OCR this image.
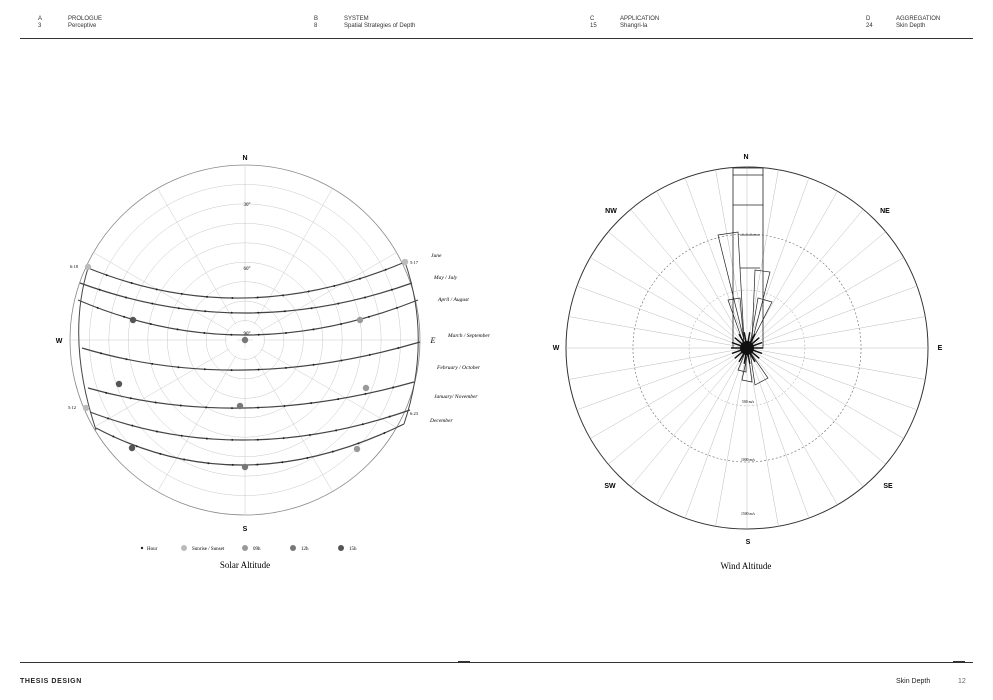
A
3
PROLOGUE
Perceptive
B
8
SYSTEM
Spatial Strategies of Depth
C
15
APPLICATION
Shangri-la
D
24
AGGREGATION
Skin Depth
N
S
W	E
30°
60°
90°
June
May / July
April / August
March / September
February / October
January/ November
December
6:18
5:17
5:12
6:23
Hour	Sunrise / Sunset	09h	12h	15h
Solar Altitude
N
NE
E
SE
S
SW
W
NW
500 m/s
1000 m/s
1500 m/s
Wind Altitude
THESIS DESIGN	Skin Depth	12
